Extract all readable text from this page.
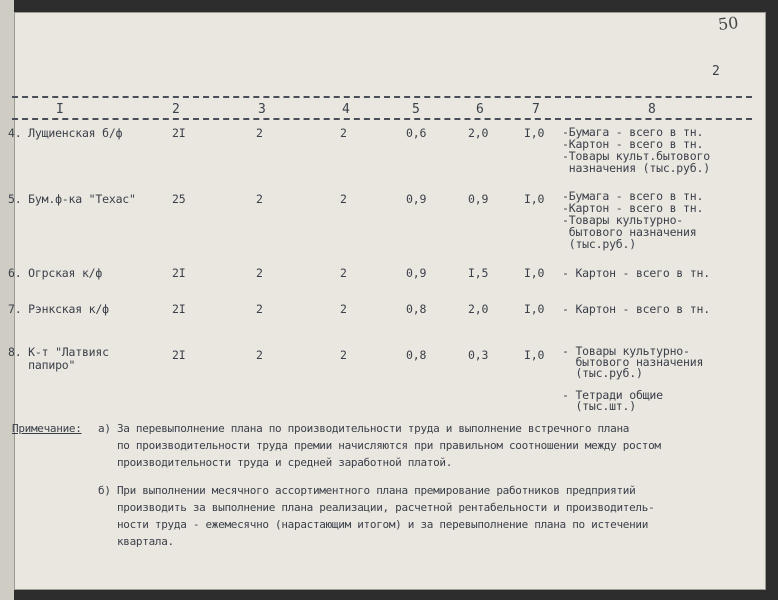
50
2
I	2	3	4	5	6	7	8
4. Лущиенская б/ф	2I	2	2	0,6	2,0	I,0 -Бумага - всего в тн.
-Картон - всего в тн.
-Товары культ.бытового
назначения (тыс.руб.)
5. Бум.ф-ка "Техас"	25	2	2	0,9	0,9	I,0 -Бумага - всего в тн.
-Картон - всего в тн.
-Товары культурно-
бытового назначения
(тыс.руб.)
6. Огрская к/ф	2I	2	2	0,9	I,5	I,0 - Картон - всего в тн.
7. Рэнкская к/ф	2I	2	2	0,8	2,0	I,0 - Картон - всего в тн.
8. К-т "Латвияс
папиро"
2I	2	2	0,8	0,3	I,0 - Товары культурно-
бытового назначения
(тыс.руб.)

- Тетради общие
(тыс.шт.)
Примечание: а) За перевыполнение плана по производительности труда и выполнение встречного плана
по производительности труда премии начисляются при правильном соотношении между ростом
производительности труда и средней заработной платой.
б) При выполнении месячного ассортиментного плана премирование работников предприятий
производить за выполнение плана реализации, расчетной рентабельности и производитель-
ности труда - ежемесячно (нарастающим итогом) и за перевыполнение плана по истечении
квартала.
